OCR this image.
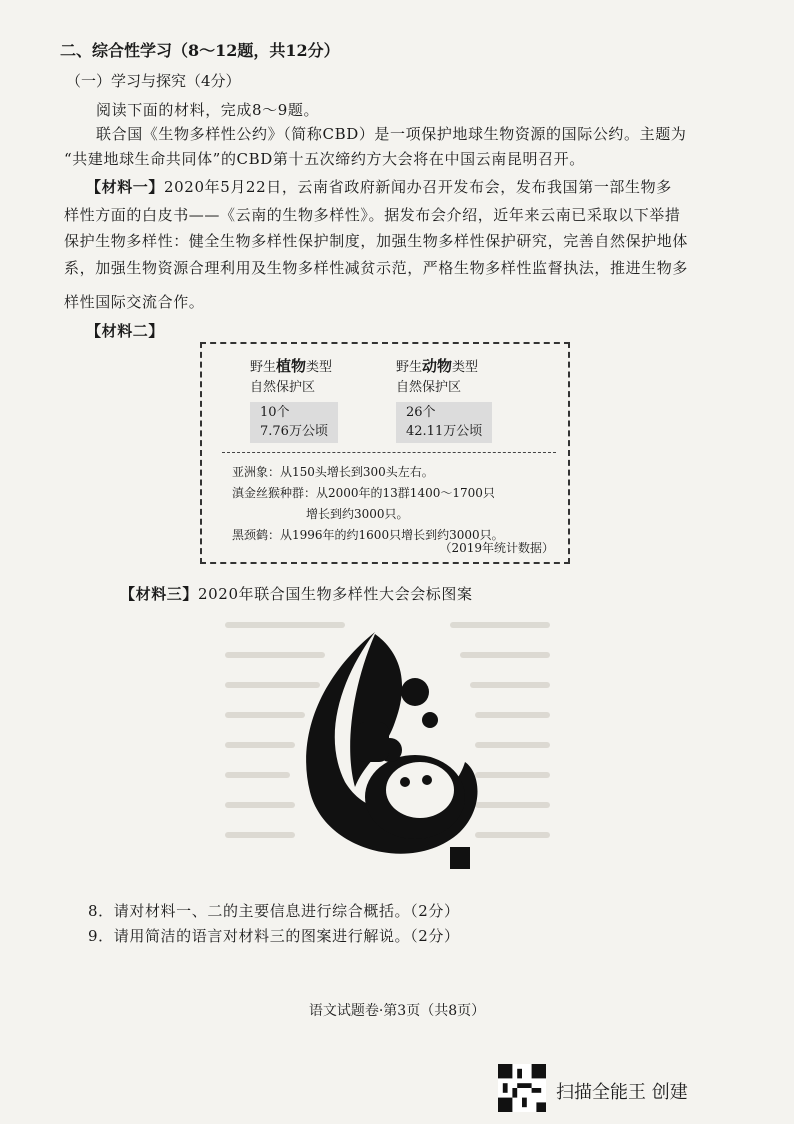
二、综合性学习（8～12题，共12分）
（一）学习与探究（4分）
阅读下面的材料，完成8～9题。
联合国《生物多样性公约》（简称CBD）是一项保护地球生物资源的国际公约。主题为
“共建地球生命共同体”的CBD第十五次缔约方大会将在中国云南昆明召开。
【材料一】2020年5月22日，云南省政府新闻办召开发布会，发布我国第一部生物多
样性方面的白皮书——《云南的生物多样性》。据发布会介绍，近年来云南已采取以下举措
保护生物多样性：健全生物多样性保护制度，加强生物多样性保护研究，完善自然保护地体
系，加强生物资源合理利用及生物多样性减贫示范，严格生物多样性监督执法，推进生物多
样性国际交流合作。
【材料二】
野生植物类型
自然保护区
10个
7.76万公顷
野生动物类型
自然保护区
26个
42.11万公顷
亚洲象：从150头增长到300头左右。
滇金丝猴种群：从2000年的13群1400～1700只
增长到约3000只。
黑颈鹤：从1996年的约1600只增长到约3000只。
（2019年统计数据）
【材料三】2020年联合国生物多样性大会会标图案
8．请对材料一、二的主要信息进行综合概括。（2分）
9．请用简洁的语言对材料三的图案进行解说。（2分）
语文试题卷·第3页（共8页）
扫描全能王 创建
